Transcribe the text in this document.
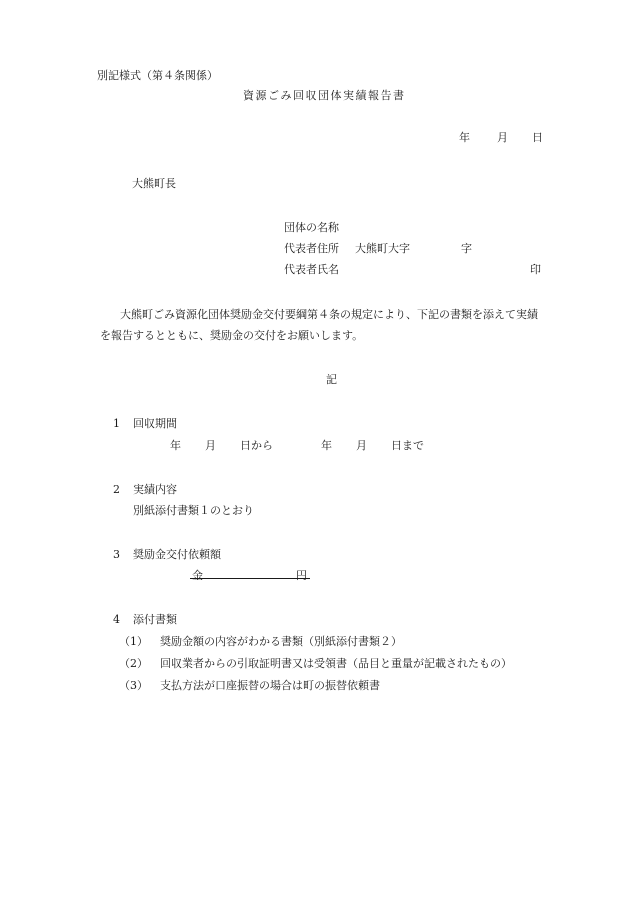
別記様式（第４条関係）
資源ごみ回収団体実績報告書
年 月 日
大熊町長
団体の名称
代表者住所 大熊町大字	字
代表者氏名	印
大熊町ごみ資源化団体奨励金交付要綱第４条の規定により、下記の書類を添えて実績
を報告するとともに、奨励金の交付をお願いします。
記
1 回収期間
年 月 日から	年 月 日まで
2 実績内容
別紙添付書類１のとおり
3 奨励金交付依頼額
金	円
4 添付書類
（1） 奨励金額の内容がわかる書類（別紙添付書類２）
（2） 回収業者からの引取証明書又は受領書（品目と重量が記載されたもの）
（3） 支払方法が口座振替の場合は町の振替依頼書
